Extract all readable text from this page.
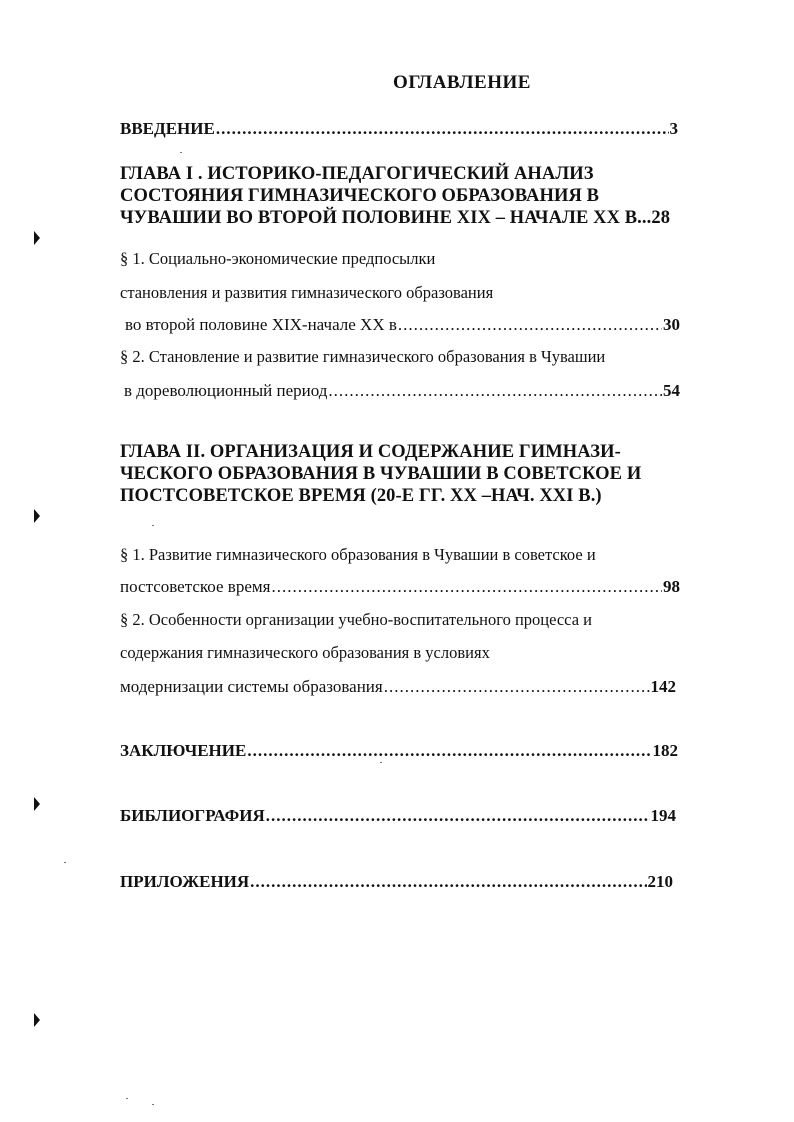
ОГЛАВЛЕНИЕ
ВВЕДЕНИЕ .....	3
ГЛАВА I . ИСТОРИКО-ПЕДАГОГИЧЕСКИЙ АНАЛИЗ
СОСТОЯНИЯ ГИМНАЗИЧЕСКОГО ОБРАЗОВАНИЯ В
ЧУВАШИИ ВО ВТОРОЙ ПОЛОВИНЕ XIX – НАЧАЛЕ XX В... 28
§ 1. Социально-экономические предпосылки
становления и развития гимназического образования
во второй половине XIX-начале XX в .....	30
§ 2. Становление и развитие гимназического образования в Чувашии
в дореволюционный период .....	54
ГЛАВА II. ОРГАНИЗАЦИЯ И СОДЕРЖАНИЕ ГИМНАЗИ-
ЧЕСКОГО ОБРАЗОВАНИЯ В ЧУВАШИИ В СОВЕТСКОЕ И
ПОСТСОВЕТСКОЕ ВРЕМЯ (20-Е ГГ. XX –НАЧ. XXI В.)
§ 1. Развитие гимназического образования в Чувашии в советское и
постсоветское время .....	98
§ 2. Особенности организации учебно-воспитательного процесса и
содержания гимназического образования в условиях
модернизации системы образования .....	142
ЗАКЛЮЧЕНИЕ .....	182
БИБЛИОГРАФИЯ .....	194
ПРИЛОЖЕНИЯ .....	210
